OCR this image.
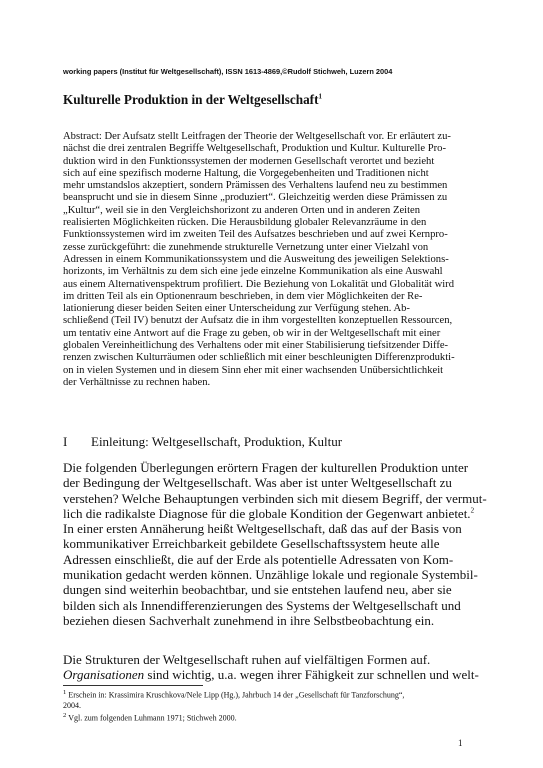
working papers (Institut für Weltgesellschaft), ISSN 1613-4869,©Rudolf Stichweh, Luzern 2004
Kulturelle Produktion in der Weltgesellschaft$^1$
Abstract: Der Aufsatz stellt Leitfragen der Theorie der Weltgesellschaft vor. Er erläutert zu-
nächst die drei zentralen Begriffe Weltgesellschaft, Produktion und Kultur. Kulturelle Pro-
duktion wird in den Funktionssystemen der modernen Gesellschaft verortet und bezieht
sich auf eine spezifisch moderne Haltung, die Vorgegebenheiten und Traditionen nicht
mehr umstandslos akzeptiert, sondern Prämissen des Verhaltens laufend neu zu bestimmen
beansprucht und sie in diesem Sinne „produziert“. Gleichzeitig werden diese Prämissen zu
„Kultur“, weil sie in den Vergleichshorizont zu anderen Orten und in anderen Zeiten
realisierten Möglichkeiten rücken. Die Herausbildung globaler Relevanzräume in den
Funktionssystemen wird im zweiten Teil des Aufsatzes beschrieben und auf zwei Kernpro-
zesse zurückgeführt: die zunehmende strukturelle Vernetzung unter einer Vielzahl von
Adressen in einem Kommunikationssystem und die Ausweitung des jeweiligen Selektions-
horizonts, im Verhältnis zu dem sich eine jede einzelne Kommunikation als eine Auswahl
aus einem Alternativenspektrum profiliert. Die Beziehung von Lokalität und Globalität wird
im dritten Teil als ein Optionenraum beschrieben, in dem vier Möglichkeiten der Re-
lationierung dieser beiden Seiten einer Unterscheidung zur Verfügung stehen. Ab-
schließend (Teil IV) benutzt der Aufsatz die in ihm vorgestellten konzeptuellen Ressourcen,
um tentativ eine Antwort auf die Frage zu geben, ob wir in der Weltgesellschaft mit einer
globalen Vereinheitlichung des Verhaltens oder mit einer Stabilisierung tiefsitzender Diffe-
renzen zwischen Kulturräumen oder schließlich mit einer beschleunigten Differenzprodukti-
on in vielen Systemen und in diesem Sinn eher mit einer wachsenden Unübersichtlichkeit
der Verhältnisse zu rechnen haben.
I Einleitung: Weltgesellschaft, Produktion, Kultur
Die folgenden Überlegungen erörtern Fragen der kulturellen Produktion unter
der Bedingung der Weltgesellschaft. Was aber ist unter Weltgesellschaft zu
verstehen? Welche Behauptungen verbinden sich mit diesem Begriff, der vermut-
lich die radikalste Diagnose für die globale Kondition der Gegenwart anbietet.$^2$
In einer ersten Annäherung heißt Weltgesellschaft, daß das auf der Basis von
kommunikativer Erreichbarkeit gebildete Gesellschaftssystem heute alle
Adressen einschließt, die auf der Erde als potentielle Adressaten von Kom-
munikation gedacht werden können. Unzählige lokale und regionale Systembil-
dungen sind weiterhin beobachtbar, und sie entstehen laufend neu, aber sie
bilden sich als Innendifferenzierungen des Systems der Weltgesellschaft und
beziehen diesen Sachverhalt zunehmend in ihre Selbstbeobachtung ein.
Die Strukturen der Weltgesellschaft ruhen auf vielfältigen Formen auf.
Organisationen sind wichtig, u.a. wegen ihrer Fähigkeit zur schnellen und welt-
$^1$ Erschein in: Krassimira Kruschkova/Nele Lipp (Hg.), Jahrbuch 14 der „Gesellschaft für Tanzforschung“,
2004.
$^2$ Vgl. zum folgenden Luhmann 1971; Stichweh 2000.
1
